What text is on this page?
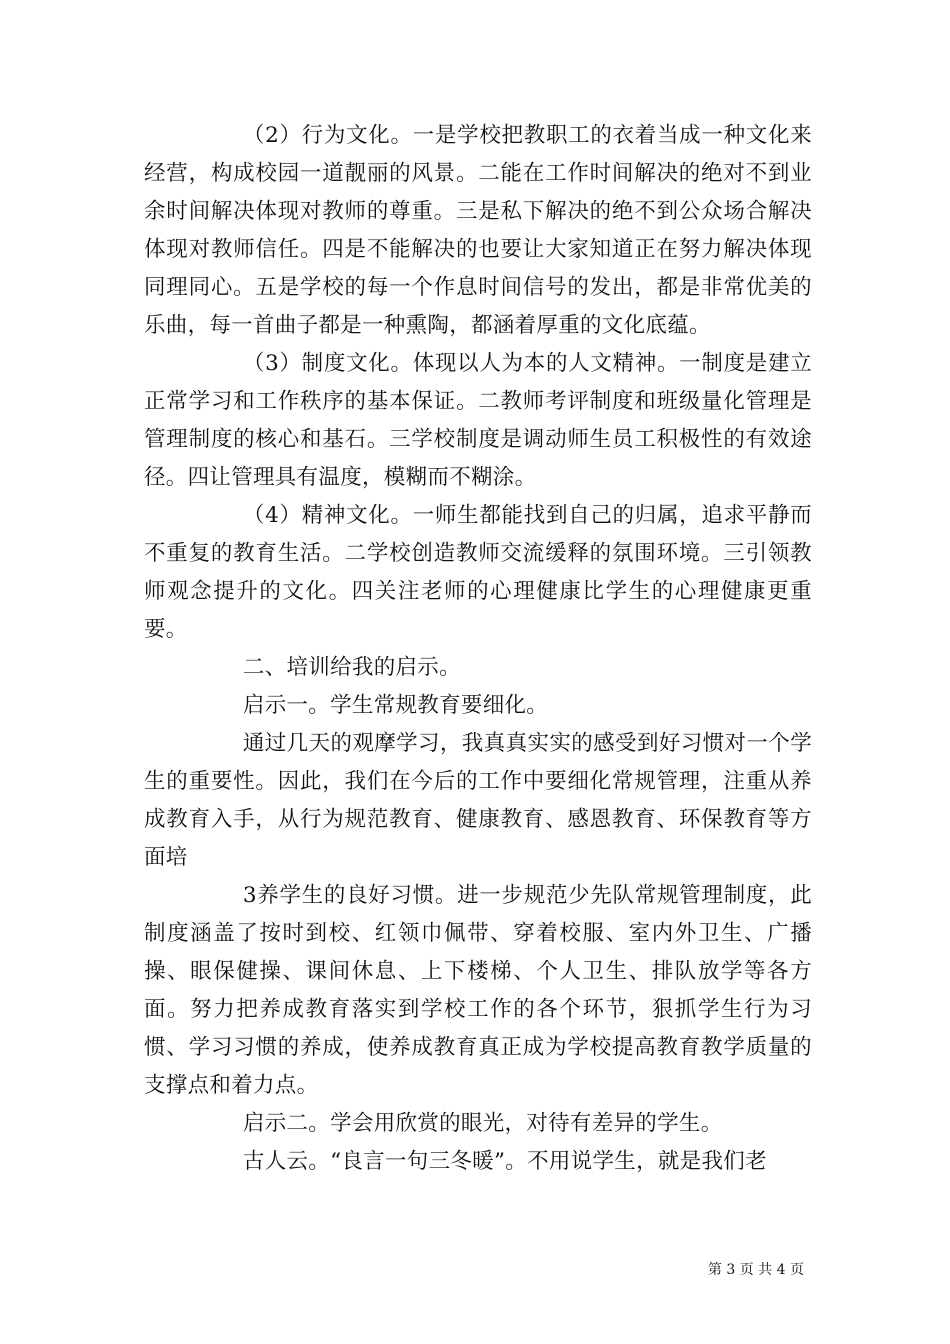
（2）行为文化。一是学校把教职工的衣着当成一种文化来经营，构成校园一道靓丽的风景。二能在工作时间解决的绝对不到业余时间解决体现对教师的尊重。三是私下解决的绝不到公众场合解决体现对教师信任。四是不能解决的也要让大家知道正在努力解决体现同理同心。五是学校的每一个作息时间信号的发出，都是非常优美的乐曲，每一首曲子都是一种熏陶，都涵着厚重的文化底蕴。

（3）制度文化。体现以人为本的人文精神。一制度是建立正常学习和工作秩序的基本保证。二教师考评制度和班级量化管理是管理制度的核心和基石。三学校制度是调动师生员工积极性的有效途径。四让管理具有温度，模糊而不糊涂。

（4）精神文化。一师生都能找到自己的归属，追求平静而不重复的教育生活。二学校创造教师交流缓释的氛围环境。三引领教师观念提升的文化。四关注老师的心理健康比学生的心理健康更重要。

二、培训给我的启示。

启示一。学生常规教育要细化。

通过几天的观摩学习，我真真实实的感受到好习惯对一个学生的重要性。因此，我们在今后的工作中要细化常规管理，注重从养成教育入手，从行为规范教育、健康教育、感恩教育、环保教育等方面培

3养学生的良好习惯。进一步规范少先队常规管理制度，此制度涵盖了按时到校、红领巾佩带、穿着校服、室内外卫生、广播操、眼保健操、课间休息、上下楼梯、个人卫生、排队放学等各方面。努力把养成教育落实到学校工作的各个环节，狠抓学生行为习惯、学习习惯的养成，使养成教育真正成为学校提高教育教学质量的支撑点和着力点。

启示二。学会用欣赏的眼光，对待有差异的学生。

古人云。“良言一句三冬暖”。不用说学生，就是我们老

第 3 页 共 4 页
